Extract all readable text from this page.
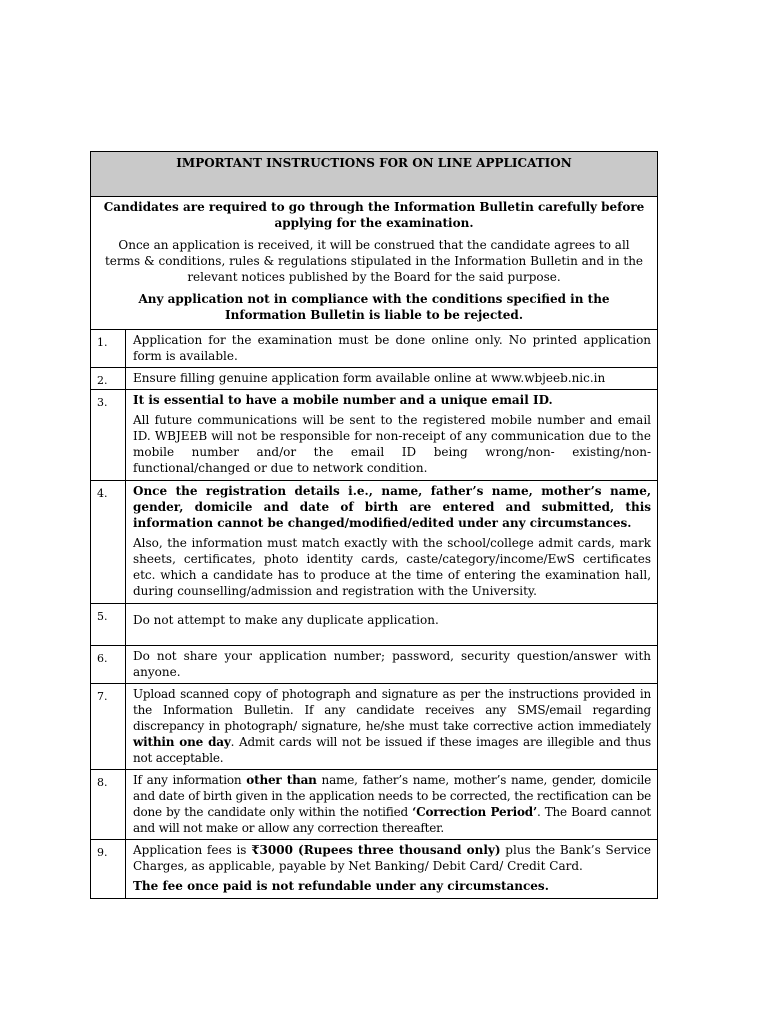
IMPORTANT INSTRUCTIONS FOR ON LINE APPLICATION	

Candidates are required to go through the Information Bulletin carefully before applying for the examination.

Once an application is received, it will be construed that the candidate agrees to all terms & conditions, rules & regulations stipulated in the Information Bulletin and in the relevant notices published by the Board for the said purpose.

Any application not in compliance with the conditions specified in the Information Bulletin is liable to be rejected.	

1.	Application for the examination must be done online only. No printed application form is available.
2.	Ensure filling genuine application form available online at www.wbjeeb.nic.in
3.	It is essential to have a mobile number and a unique email ID.

All future communications will be sent to the registered mobile number and email ID. WBJEEB will not be responsible for non-receipt of any communication due to the mobile number and/or the email ID being wrong/non- existing/non-functional/changed or due to network condition.

4.	Once the registration details i.e., name, father’s name, mother’s name, gender, domicile and date of birth are entered and submitted, this information cannot be changed/modified/edited under any circumstances.

Also, the information must match exactly with the school/college admit cards, mark sheets, certificates, photo identity cards, caste/category/income/EwS certificates etc. which a candidate has to produce at the time of entering the examination hall, during counselling/admission and registration with the University.

5.	Do not attempt to make any duplicate application.
6.	Do not share your application number; password, security question/answer with anyone.
7.	Upload scanned copy of photograph and signature as per the instructions provided in the Information Bulletin. If any candidate receives any SMS/email regarding discrepancy in photograph/ signature, he/she must take corrective action immediately within one day. Admit cards will not be issued if these images are illegible and thus not acceptable.
8.	If any information other than name, father’s name, mother’s name, gender, domicile and date of birth given in the application needs to be corrected, the rectification can be done by the candidate only within the notified ‘Correction Period’. The Board cannot and will not make or allow any correction thereafter.
9.	Application fees is ₹3000 (Rupees three thousand only) plus the Bank’s Service Charges, as applicable, payable by Net Banking/ Debit Card/ Credit Card.

The fee once paid is not refundable under any circumstances.
